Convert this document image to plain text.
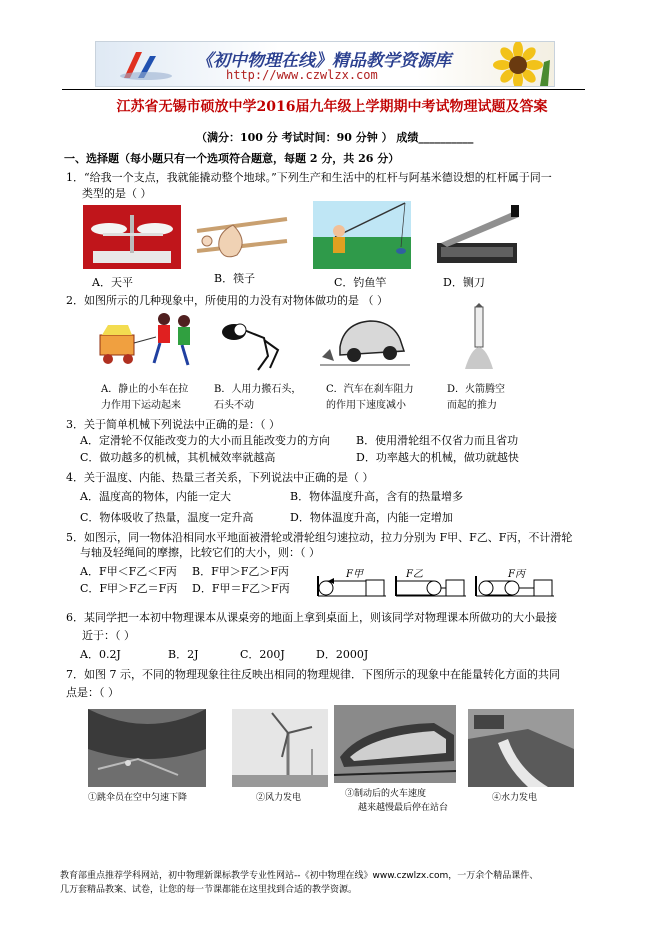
《初中物理在线》精品教学资源库
http://www.czwlzx.com
江苏省无锡市硕放中学2016届九年级上学期期中考试物理试题及答案
（满分：100 分 考试时间：90 分钟 ） 成绩__________
一、选择题（每小题只有一个选项符合题意，每题 2 分，共 26 分）
1．“给我一个支点，我就能撬动整个地球。”下列生产和生活中的杠杆与阿基米德设想的杠杆属于同一
类型的是（ ）
A．天平	B．筷子	C．钓鱼竿	D．铡刀
2．如图所示的几种现象中，所使用的力没有对物体做功的是 （ ）
A．静止的小车在拉
力作用下运动起来
B．人用力搬石头，
石头不动
C．汽车在刹车阻力
的作用下速度减小
D．火箭腾空
而起的推力
3．关于简单机械下列说法中正确的是：（ ）
A．定滑轮不仅能改变力的大小而且能改变力的方向 B．使用滑轮组不仅省力而且省功
C．做功越多的机械，其机械效率就越高	D．功率越大的机械，做功就越快
4．关于温度、内能、热量三者关系，下列说法中正确的是（ ）
A．温度高的物体，内能一定大	B．物体温度升高，含有的热量增多
C．物体吸收了热量，温度一定升高	D．物体温度升高，内能一定增加
5．如图示，同一物体沿相同水平地面被滑轮或滑轮组匀速拉动，拉力分别为 F甲、F乙、F丙，不计滑轮
与轴及轻绳间的摩擦，比较它们的大小，则：（ ）
A．F甲＜F乙＜F丙 B．F甲＞F乙＞F丙
C．F甲＞F乙＝F丙 D．F甲＝F乙＞F丙
F甲	F乙	F丙
6．某同学把一本初中物理课本从课桌旁的地面上拿到桌面上，则该同学对物理课本所做功的大小最接
近于：（ ）
A．0.2J	B．2J	C．200J	D．2000J
7．如图 7 示，不同的物理现象往往反映出相同的物理规律．下图所示的现象中在能量转化方面的共同
点是：（ ）
①跳伞员在空中匀速下降	②风力发电	③制动后的火车速度
越来越慢最后停在站台
④水力发电
教育部重点推荐学科网站，初中物理新课标教学专业性网站--《初中物理在线》www.czwlzx.com，一万余个精品课件、
几万套精品教案、试卷，让您的每一节课都能在这里找到合适的教学资源。
